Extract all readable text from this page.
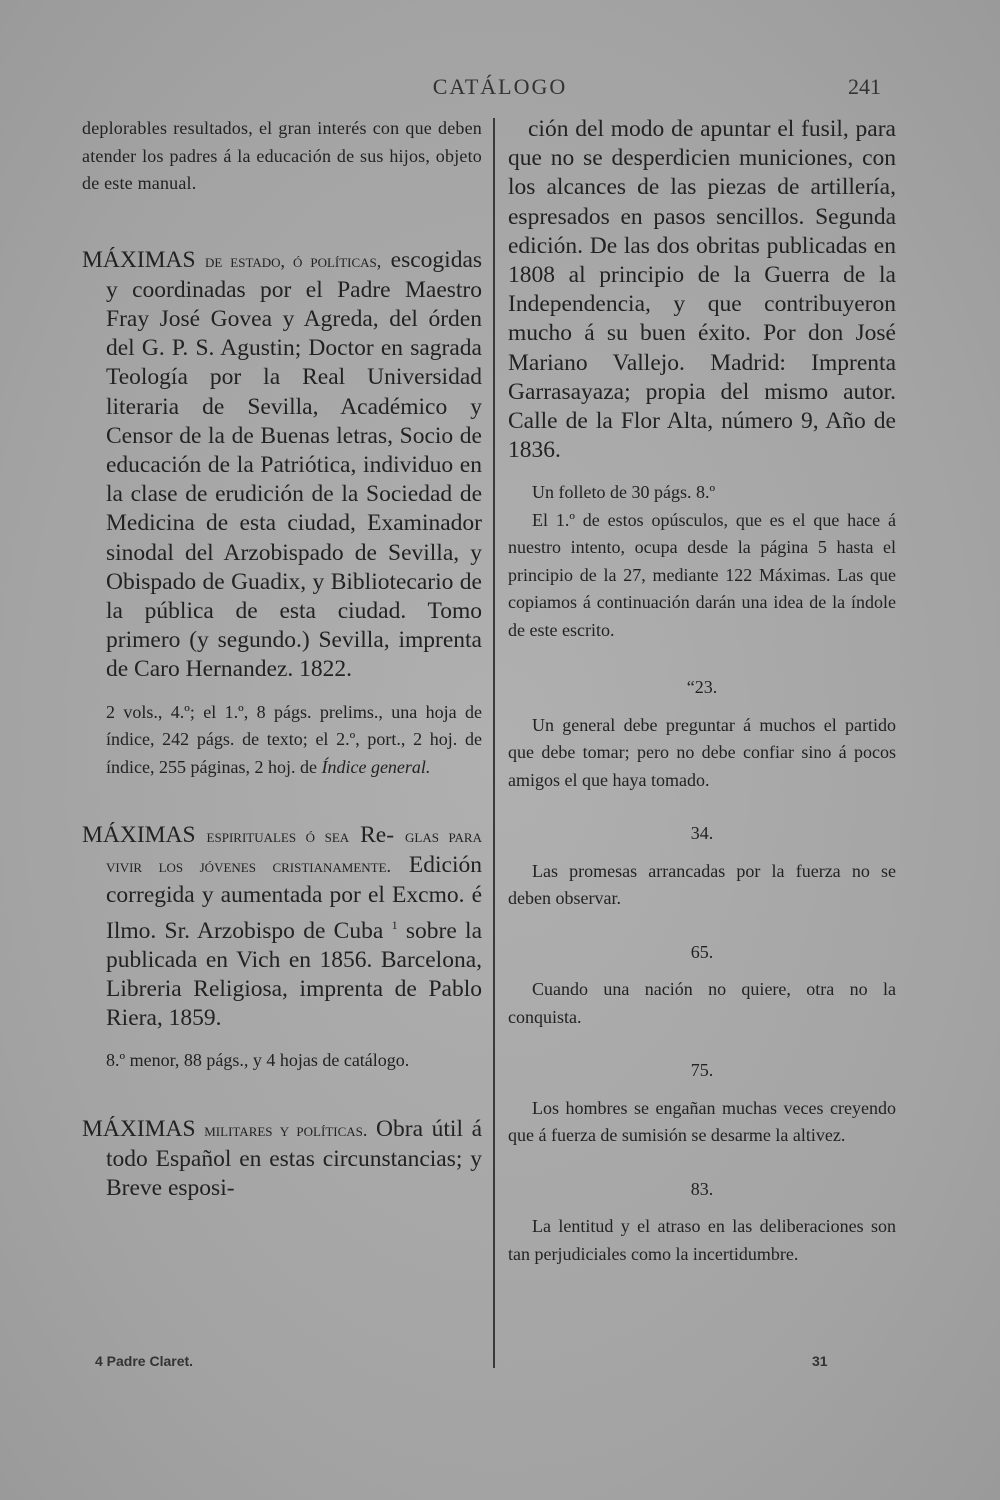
CATÁLOGO	241

deplorables resultados, el gran interés con que deben atender los padres á la educación de sus hijos, objeto de este manual.

MÁXIMAS de estado, ó políticas, escogidas y coordinadas por el Padre Maestro Fray José Govea y Agreda, del órden del G. P. S. Agustin; Doctor en sagrada Teología por la Real Universidad literaria de Sevilla, Académico y Censor de la de Buenas letras, Socio de educación de la Patriótica, individuo en la clase de erudición de la Sociedad de Medicina de esta ciudad, Examinador sinodal del Arzobispado de Sevilla, y Obispado de Guadix, y Bibliotecario de la pública de esta ciudad. Tomo primero (y segundo.) Sevilla, imprenta de Caro Hernandez. 1822.

2 vols., 4.º; el 1.º, 8 págs. prelims., una hoja de índice, 242 págs. de texto; el 2.º, port., 2 hoj. de índice, 255 páginas, 2 hoj. de Índice general.

MÁXIMAS espirituales ó sea Re- glas para vivir los jóvenes cristianamente. Edición corregida y aumentada por el Excmo. é Ilmo. Sr. Arzobispo de Cuba $^1$ sobre la publicada en Vich en 1856. Barcelona, Libreria Religiosa, imprenta de Pablo Riera, 1859.

8.º menor, 88 págs., y 4 hojas de catálogo.

MÁXIMAS militares y políticas. Obra útil á todo Español en estas circunstancias; y Breve esposi-

ción del modo de apuntar el fusil, para que no se desperdicien municiones, con los alcances de las piezas de artillería, espresados en pasos sencillos. Segunda edición. De las dos obritas publicadas en 1808 al principio de la Guerra de la Independencia, y que contribuyeron mucho á su buen éxito. Por don José Mariano Vallejo. Madrid: Imprenta Garrasayaza; propia del mismo autor. Calle de la Flor Alta, número 9, Año de 1836.

Un folleto de 30 págs. 8.º

El 1.º de estos opúsculos, que es el que hace á nuestro intento, ocupa desde la página 5 hasta el principio de la 27, mediante 122 Máximas. Las que copiamos á continuación darán una idea de la índole de este escrito.

“23.

Un general debe preguntar á muchos el partido que debe tomar; pero no debe confiar sino á pocos amigos el que haya tomado.

34.

Las promesas arrancadas por la fuerza no se deben observar.

65.

Cuando una nación no quiere, otra no la conquista.

75.

Los hombres se engañan muchas veces creyendo que á fuerza de sumisión se desarme la altivez.

83.

La lentitud y el atraso en las deliberaciones son tan perjudiciales como la incertidumbre.

4 Padre Claret.	31
